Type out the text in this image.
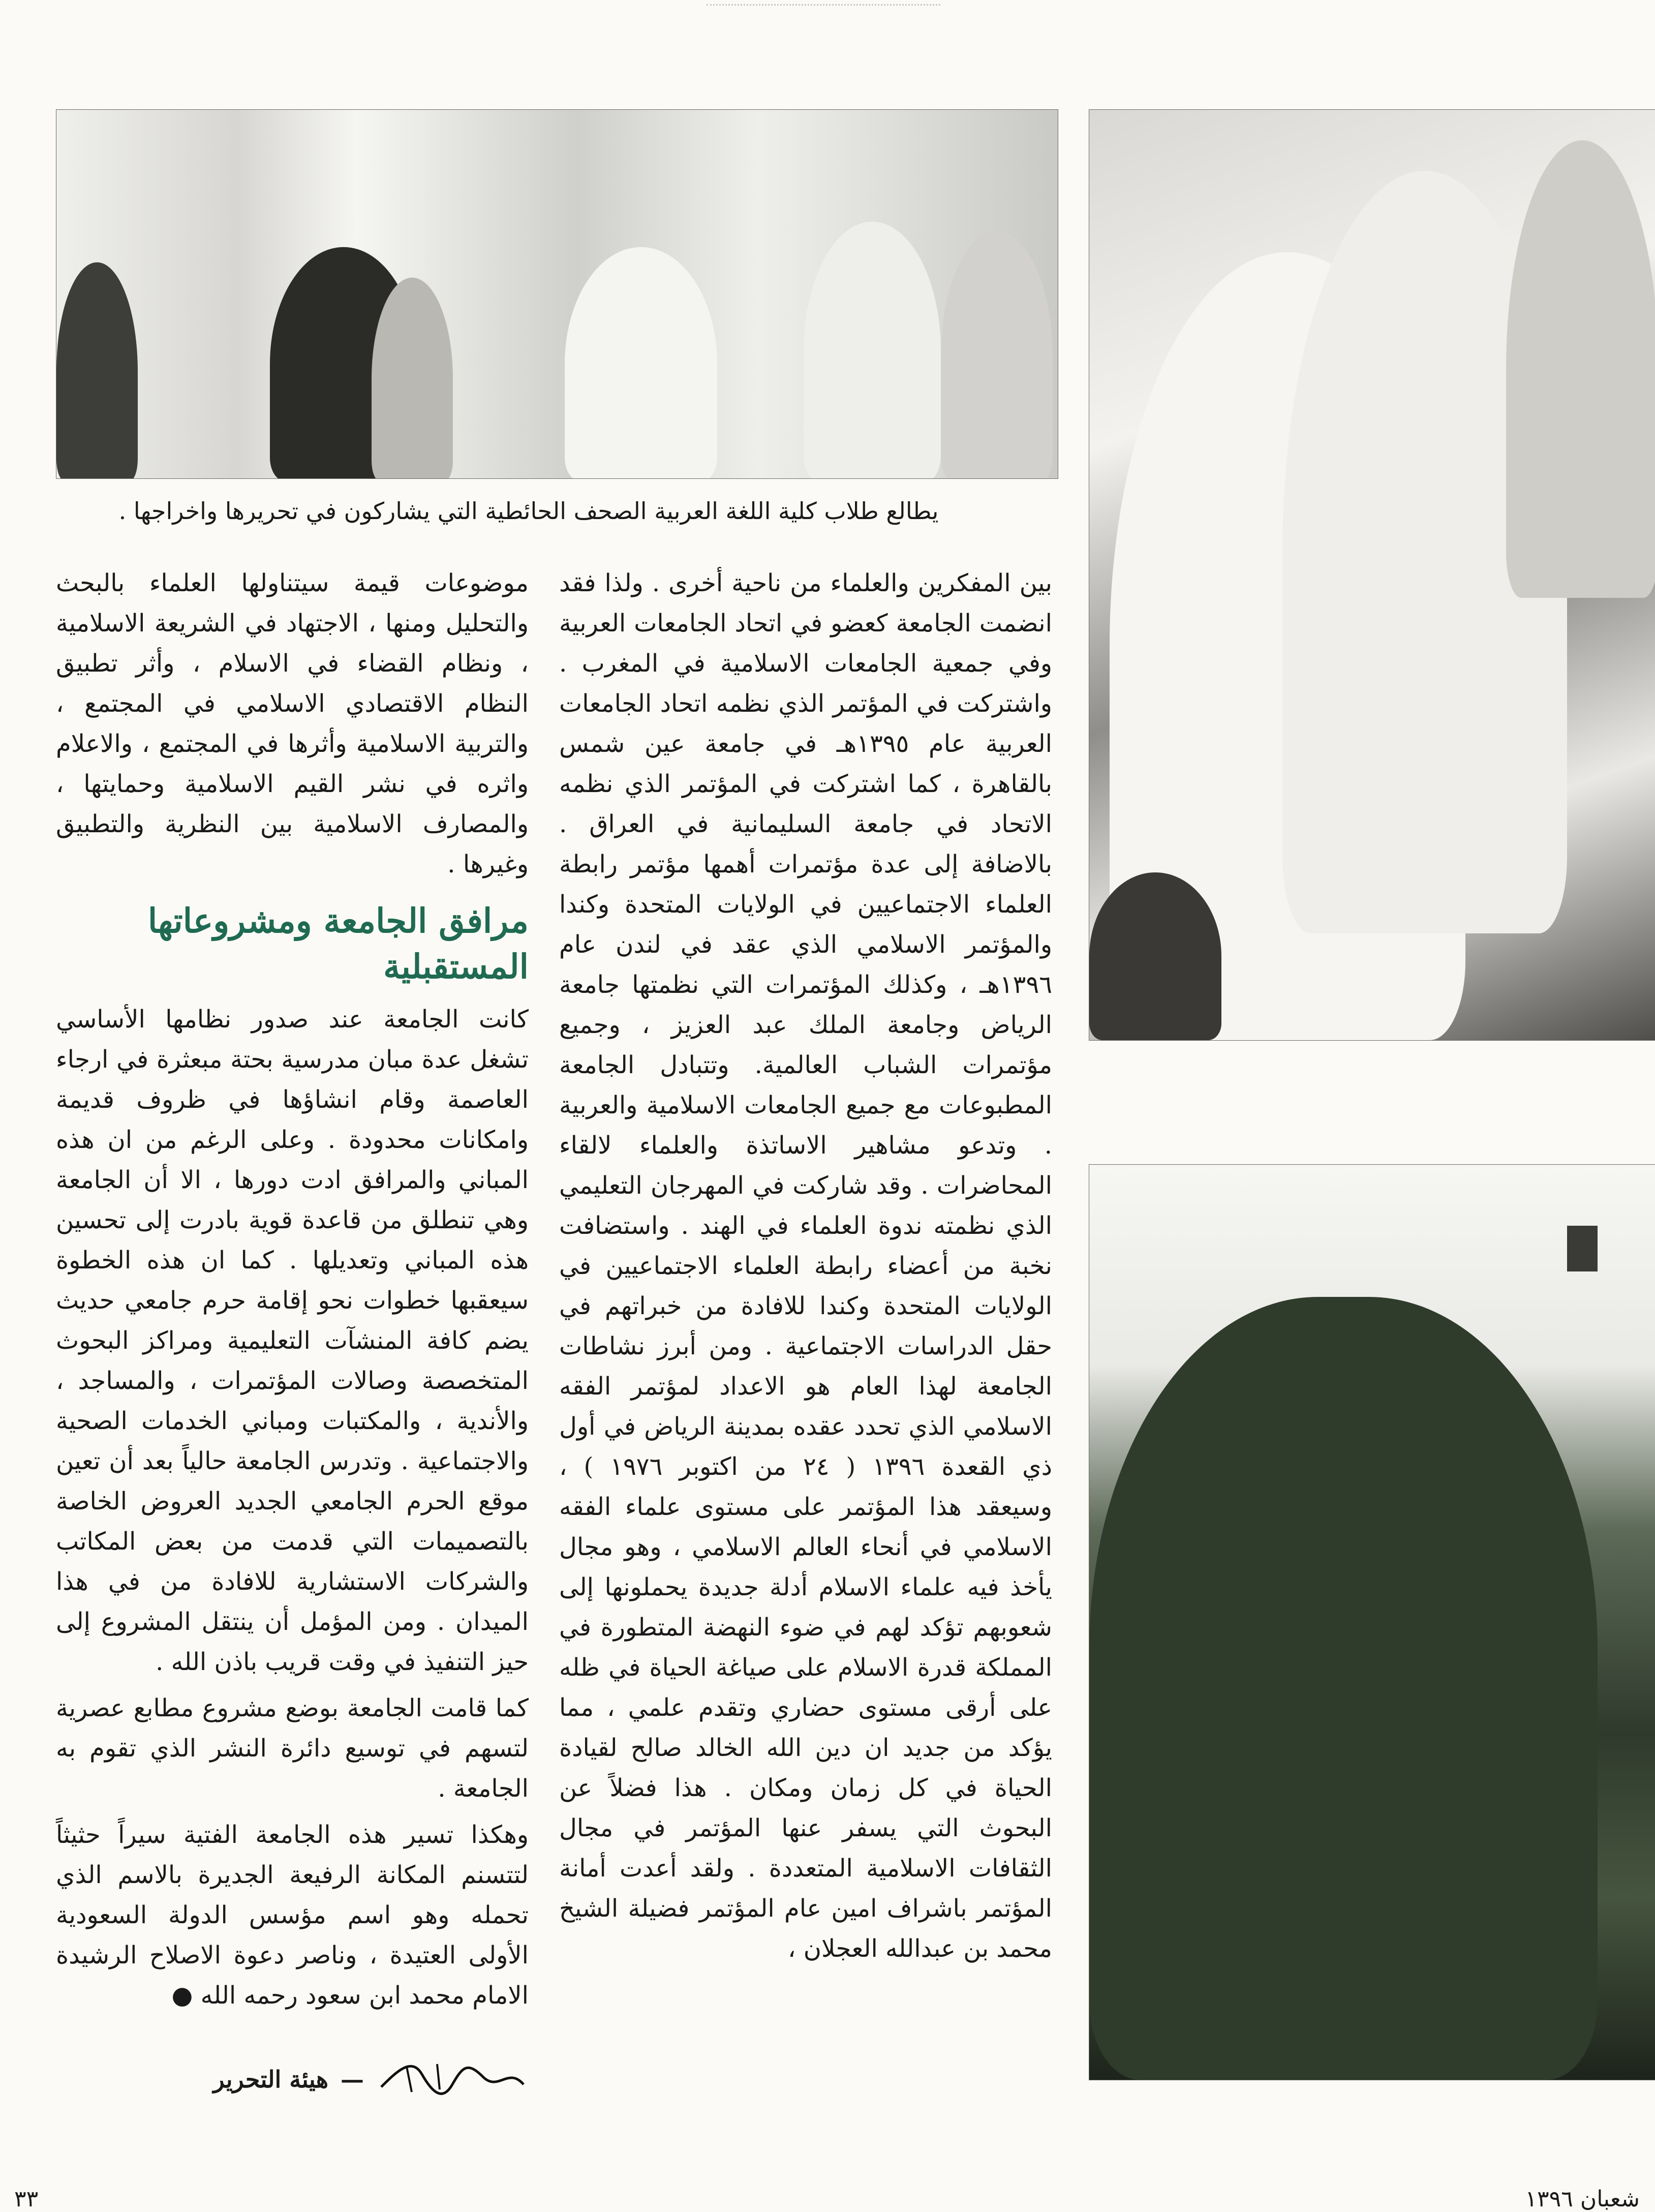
يطالع طلاب كلية اللغة العربية الصحف الحائطية التي يشاركون في تحريرها واخراجها .

بين المفكرين والعلماء من ناحية أخرى . ولذا فقد انضمت الجامعة كعضو في اتحاد الجامعات العربية وفي جمعية الجامعات الاسلامية في المغرب . واشتركت في المؤتمر الذي نظمه اتحاد الجامعات العربية عام ١٣٩٥هـ في جامعة عين شمس بالقاهرة ، كما اشتركت في المؤتمر الذي نظمه الاتحاد في جامعة السليمانية في العراق . بالاضافة إلى عدة مؤتمرات أهمها مؤتمر رابطة العلماء الاجتماعيين في الولايات المتحدة وكندا والمؤتمر الاسلامي الذي عقد في لندن عام ١٣٩٦هـ ، وكذلك المؤتمرات التي نظمتها جامعة الرياض وجامعة الملك عبد العزيز ، وجميع مؤتمرات الشباب العالمية. وتتبادل الجامعة المطبوعات مع جميع الجامعات الاسلامية والعربية . وتدعو مشاهير الاساتذة والعلماء لالقاء المحاضرات . وقد شاركت في المهرجان التعليمي الذي نظمته ندوة العلماء في الهند . واستضافت نخبة من أعضاء رابطة العلماء الاجتماعيين في الولايات المتحدة وكندا للافادة من خبراتهم في حقل الدراسات الاجتماعية . ومن أبرز نشاطات الجامعة لهذا العام هو الاعداد لمؤتمر الفقه الاسلامي الذي تحدد عقده بمدينة الرياض في أول ذي القعدة ١٣٩٦ ( ٢٤ من اكتوبر ١٩٧٦ ) ، وسيعقد هذا المؤتمر على مستوى علماء الفقه الاسلامي في أنحاء العالم الاسلامي ، وهو مجال يأخذ فيه علماء الاسلام أدلة جديدة يحملونها إلى شعوبهم تؤكد لهم في ضوء النهضة المتطورة في المملكة قدرة الاسلام على صياغة الحياة في ظله على أرقى مستوى حضاري وتقدم علمي ، مما يؤكد من جديد ان دين الله الخالد صالح لقيادة الحياة في كل زمان ومكان . هذا فضلاً عن البحوث التي يسفر عنها المؤتمر في مجال الثقافات الاسلامية المتعددة . ولقد أعدت أمانة المؤتمر باشراف امين عام المؤتمر فضيلة الشيخ محمد بن عبدالله العجلان ،

موضوعات قيمة سيتناولها العلماء بالبحث والتحليل ومنها ، الاجتهاد في الشريعة الاسلامية ، ونظام القضاء في الاسلام ، وأثر تطبيق النظام الاقتصادي الاسلامي في المجتمع ، والتربية الاسلامية وأثرها في المجتمع ، والاعلام واثره في نشر القيم الاسلامية وحمايتها ، والمصارف الاسلامية بين النظرية والتطبيق وغيرها .

مرافق الجامعة ومشروعاتها المستقبلية

كانت الجامعة عند صدور نظامها الأساسي تشغل عدة مبان مدرسية بحتة مبعثرة في ارجاء العاصمة وقام انشاؤها في ظروف قديمة وامكانات محدودة . وعلى الرغم من ان هذه المباني والمرافق ادت دورها ، الا أن الجامعة وهي تنطلق من قاعدة قوية بادرت إلى تحسين هذه المباني وتعديلها . كما ان هذه الخطوة سيعقبها خطوات نحو إقامة حرم جامعي حديث يضم كافة المنشآت التعليمية ومراكز البحوث المتخصصة وصالات المؤتمرات ، والمساجد ، والأندية ، والمكتبات ومباني الخدمات الصحية والاجتماعية . وتدرس الجامعة حالياً بعد أن تعين موقع الحرم الجامعي الجديد العروض الخاصة بالتصميمات التي قدمت من بعض المكاتب والشركات الاستشارية للافادة من في هذا الميدان . ومن المؤمل أن ينتقل المشروع إلى حيز التنفيذ في وقت قريب باذن الله .

كما قامت الجامعة بوضع مشروع مطابع عصرية لتسهم في توسيع دائرة النشر الذي تقوم به الجامعة .

وهكذا تسير هذه الجامعة الفتية سيراً حثيثاً لتتسنم المكانة الرفيعة الجديرة بالاسم الذي تحمله وهو اسم مؤسس الدولة السعودية الأولى العتيدة ، وناصر دعوة الاصلاح الرشيدة الامام محمد ابن سعود رحمه الله ●

—
هيئة التحرير
٣٣	شعبان ١٣٩٦
